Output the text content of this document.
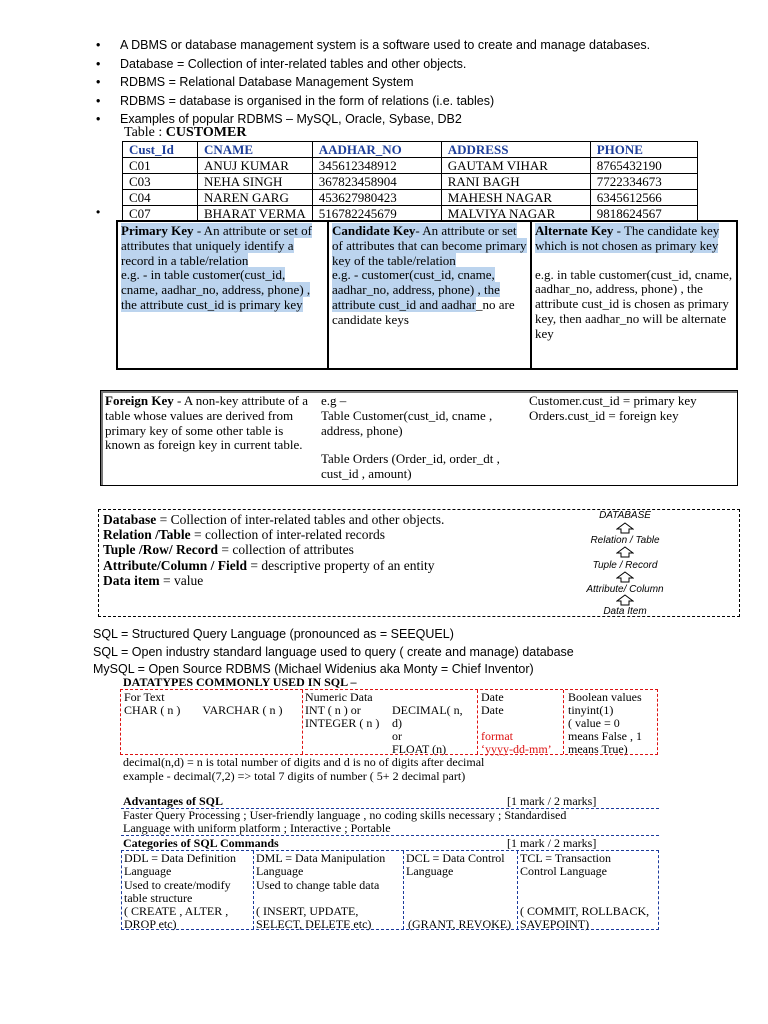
• A DBMS or database management system is a software used to create and manage databases.
• Database = Collection of inter-related tables and other objects.
• RDBMS = Relational Database Management System
• RDBMS = database is organised in the form of relations (i.e. tables)
• Examples of popular RDBMS – MySQL, Oracle, Sybase, DB2
Table : CUSTOMER
Cust_Id	CNAME	AADHAR_NO	ADDRESS	PHONE
C01	ANUJ KUMAR	345612348912	GAUTAM VIHAR	8765432190
C03	NEHA SINGH	367823458904	RANI BAGH	7722334673
C04	NAREN GARG	453627980423	MAHESH NAGAR	6345612566
C07	BHARAT VERMA	516782245679	MALVIYA NAGAR	9818624567
•
Primary Key - An attribute or set of attributes that uniquely identify a record in a table/relation
e.g. - in table customer(cust_id, cname, aadhar_no, address, phone) , the attribute cust_id is primary key
Candidate Key- An attribute or set of attributes that can become primary key of the table/relation
e.g. - customer(cust_id, cname, aadhar_no, address, phone) , the attribute cust_id and aadhar_no are candidate keys
Alternate Key - The candidate key which is not chosen as primary key

e.g. in table customer(cust_id, cname, aadhar_no, address, phone) , the attribute cust_id is chosen as primary key, then aadhar_no will be alternate key
Foreign Key - A non-key attribute of a table whose values are derived from primary key of some other table is known as foreign key in current table.
e.g –
Table Customer(cust_id, cname , address, phone)
Table Orders (Order_id, order_dt , cust_id , amount)
Customer.cust_id = primary key
Orders.cust_id = foreign key
Database = Collection of inter-related tables and other objects.
Relation /Table = collection of inter-related records
Tuple /Row/ Record = collection of attributes
Attribute/Column / Field = descriptive property of an entity
Data item = value
DATABASE
Relation / Table
Tuple / Record
Attribute/ Column
Data Item
SQL = Structured Query Language (pronounced as = SEEQUEL)
SQL = Open industry standard language used to query ( create and manage) database
MySQL = Open Source RDBMS (Michael Widenius aka Monty = Chief Inventor)
DATATYPES COMMONLY USED IN SQL –
For Text
CHAR ( n ) VARCHAR ( n )
Numeric Data
INT ( n ) or
INTEGER ( n )
DECIMAL( n,
d)
or
FLOAT (n)
Date
Date
format
‘yyyy-dd-mm’
Boolean values
tinyint(1)
( value = 0
means False , 1
means True)
decimal(n,d) = n is total number of digits and d is no of digits after decimal
example - decimal(7,2) => total 7 digits of number ( 5+ 2 decimal part)
Advantages of SQL	[1 mark / 2 marks]
Faster Query Processing ; User-friendly language , no coding skills necessary ; Standardised
Language with uniform platform ; Interactive ; Portable
Categories of SQL Commands	[1 mark / 2 marks]
DDL = Data Definition
Language
Used to create/modify
table structure
( CREATE , ALTER ,
DROP etc)
DML = Data Manipulation
Language
Used to change table data
( INSERT, UPDATE,
SELECT, DELETE etc)
DCL = Data Control
Language
(GRANT, REVOKE)
TCL = Transaction
Control Language
( COMMIT, ROLLBACK,
SAVEPOINT)
